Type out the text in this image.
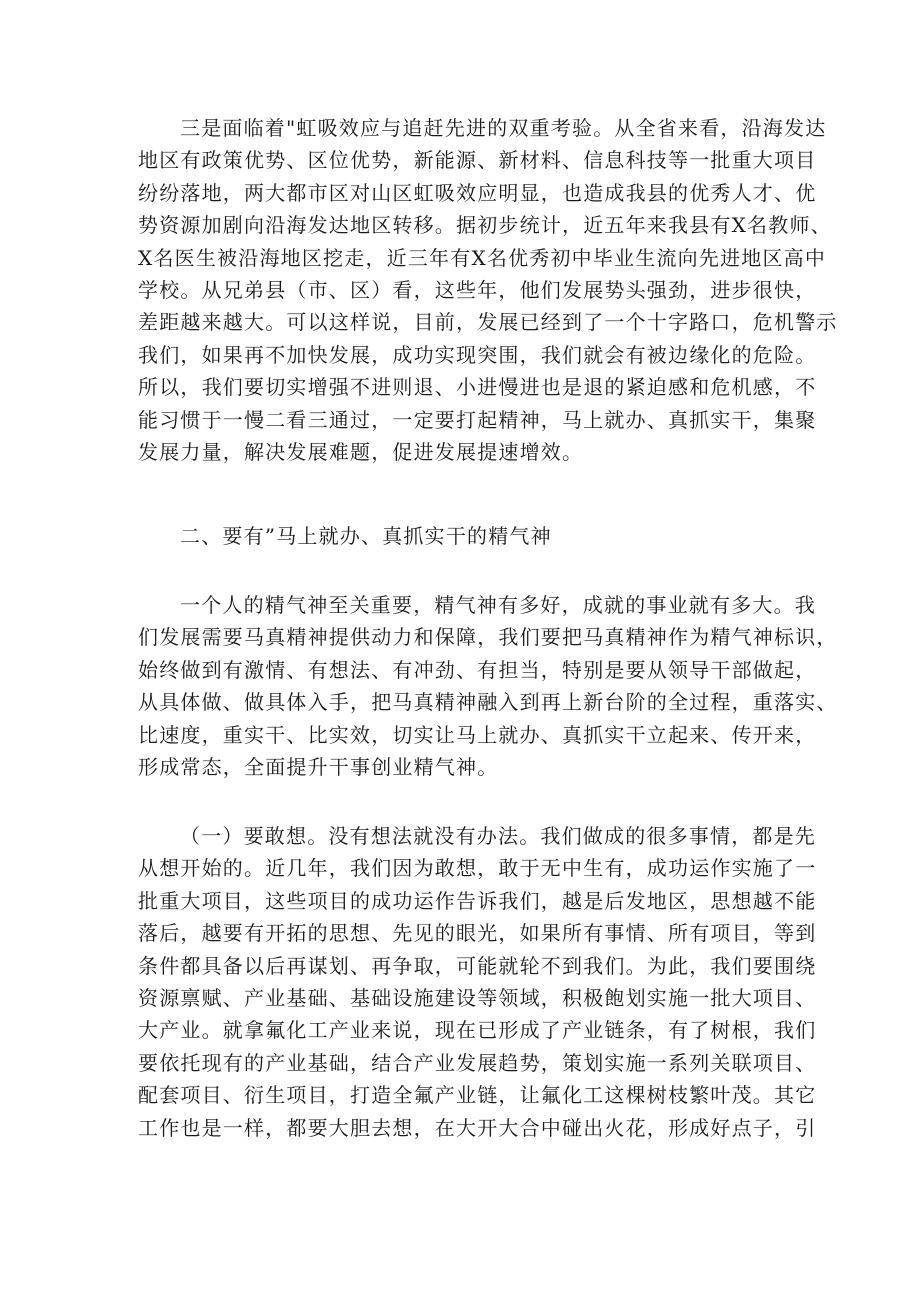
三是面临着"虹吸效应与追赶先进的双重考验。从全省来看，沿海发达
地区有政策优势、区位优势，新能源、新材料、信息科技等一批重大项目
纷纷落地，两大都市区对山区虹吸效应明显，也造成我县的优秀人才、优
势资源加剧向沿海发达地区转移。据初步统计，近五年来我县有X名教师、
X名医生被沿海地区挖走，近三年有X名优秀初中毕业生流向先进地区高中
学校。从兄弟县（市、区）看，这些年，他们发展势头强劲，进步很快，
差距越来越大。可以这样说，目前，发展已经到了一个十字路口，危机警示
我们，如果再不加快发展，成功实现突围，我们就会有被边缘化的危险。
所以，我们要切实增强不进则退、小进慢进也是退的紧迫感和危机感，不
能习惯于一慢二看三通过，一定要打起精神，马上就办、真抓实干，集聚
发展力量，解决发展难题，促进发展提速增效。
二、要有”马上就办、真抓实干的精气神
一个人的精气神至关重要，精气神有多好，成就的事业就有多大。我
们发展需要马真精神提供动力和保障，我们要把马真精神作为精气神标识，
始终做到有激情、有想法、有冲劲、有担当，特别是要从领导干部做起，
从具体做、做具体入手，把马真精神融入到再上新台阶的全过程，重落实、
比速度，重实干、比实效，切实让马上就办、真抓实干立起来、传开来，
形成常态，全面提升干事创业精气神。
（一）要敢想。没有想法就没有办法。我们做成的很多事情，都是先
从想开始的。近几年，我们因为敢想，敢于无中生有，成功运作实施了一
批重大项目，这些项目的成功运作告诉我们，越是后发地区，思想越不能
落后，越要有开拓的思想、先见的眼光，如果所有事情、所有项目，等到
条件都具备以后再谋划、再争取，可能就轮不到我们。为此，我们要围绕
资源禀赋、产业基础、基础设施建设等领域，积极飽划实施一批大项目、
大产业。就拿氟化工产业来说，现在已形成了产业链条，有了树根，我们
要依托现有的产业基础，结合产业发展趋势，策划实施一系列关联项目、
配套项目、衍生项目，打造全氟产业链，让氟化工这棵树枝繁叶茂。其它
工作也是一样，都要大胆去想，在大开大合中碰出火花，形成好点子，引
